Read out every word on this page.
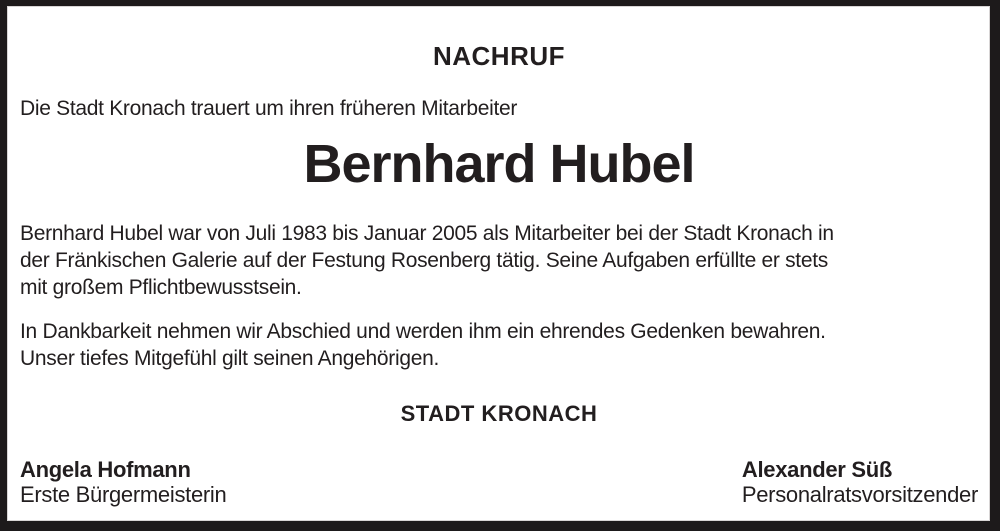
NACHRUF
Die Stadt Kronach trauert um ihren früheren Mitarbeiter
Bernhard Hubel
Bernhard Hubel war von Juli 1983 bis Januar 2005 als Mitarbeiter bei der Stadt Kronach in
der Fränkischen Galerie auf der Festung Rosenberg tätig. Seine Aufgaben erfüllte er stets
mit großem Pflichtbewusstsein.
In Dankbarkeit nehmen wir Abschied und werden ihm ein ehrendes Gedenken bewahren.
Unser tiefes Mitgefühl gilt seinen Angehörigen.
STADT KRONACH
Angela Hofmann
Erste Bürgermeisterin
Alexander Süß
Personalratsvorsitzender
